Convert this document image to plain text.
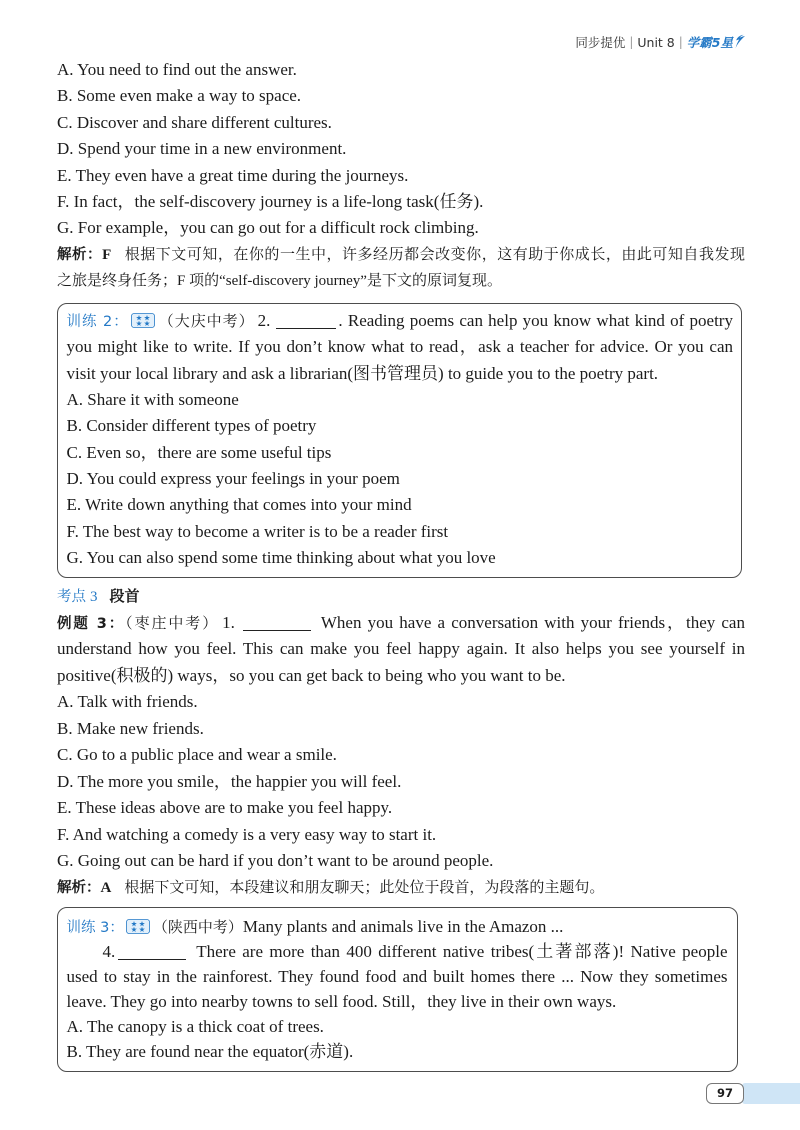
同步提优 | Unit 8 | 学霸5星
A. You need to find out the answer.
B. Some even make a way to space.
C. Discover and share different cultures.
D. Spend your time in a new environment.
E. They even have a great time during the journeys.
F. In fact，the self-discovery journey is a life-long task(任务).
G. For example，you can go out for a difficult rock climbing.
解析：F 根据下文可知，在你的一生中，许多经历都会改变你，这有助于你成长，由此可知自我发现
之旅是终身任务；F 项的“self-discovery journey”是下文的原词复现。
训练 2： （大庆中考） 2.	. Reading poems can help you know what kind of poetry
you might like to write. If you don’t know what to read，ask a teacher for advice. Or you can
visit your local library and ask a librarian(图书管理员) to guide you to the poetry part.
A. Share it with someone
B. Consider different types of poetry
C. Even so，there are some useful tips
D. You could express your feelings in your poem
E. Write down anything that comes into your mind
F. The best way to become a writer is to be a reader first
G. You can also spend some time thinking about what you love
考点 3 段首
例题 3：（枣庄中考） 1.	When you have a conversation with your friends，they can
understand how you feel. This can make you feel happy again. It also helps you see yourself in
positive(积极的) ways，so you can get back to being who you want to be.
A. Talk with friends.
B. Make new friends.
C. Go to a public place and wear a smile.
D. The more you smile，the happier you will feel.
E. These ideas above are to make you feel happy.
F. And watching a comedy is a very easy way to start it.
G. Going out can be hard if you don’t want to be around people.
解析：A 根据下文可知，本段建议和朋友聊天；此处位于段首，为段落的主题句。
训练 3： （陕西中考）Many plants and animals live in the Amazon ...
4.	There are more than 400 different native tribes(土著部落)! Native people
used to stay in the rainforest. They found food and built homes there ... Now they sometimes
leave. They go into nearby towns to sell food. Still，they live in their own ways.
A. The canopy is a thick coat of trees.
B. They are found near the equator(赤道).
97
